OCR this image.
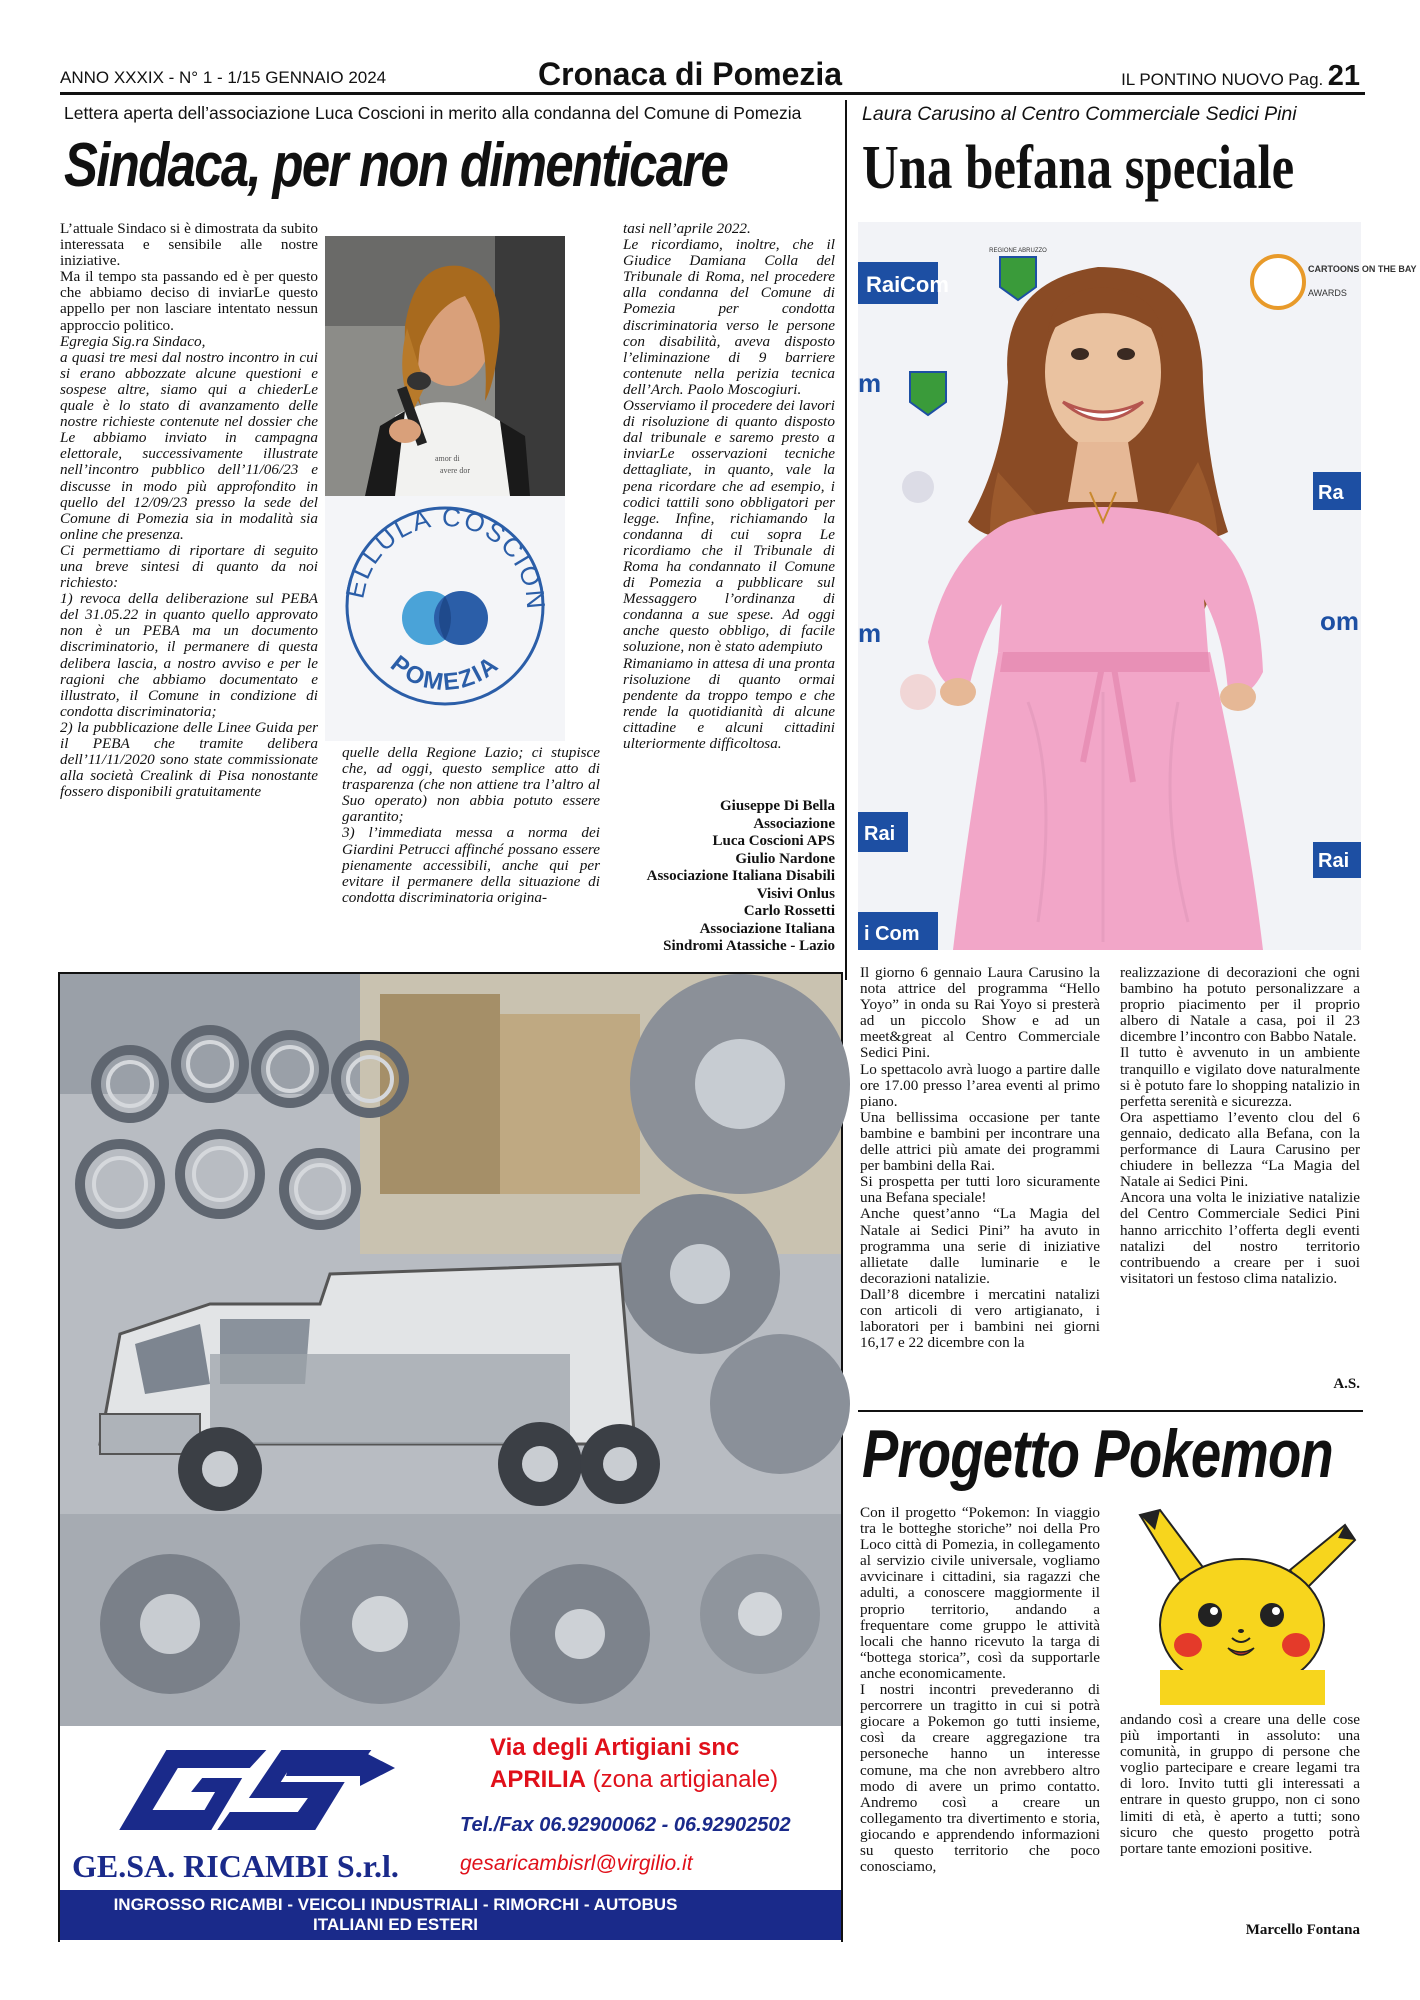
ANNO XXXIX - N° 1 - 1/15 GENNAIO 2024	Cronaca di Pomezia	IL PONTINO NUOVO Pag. 21
Lettera aperta dell’associazione Luca Coscioni in merito alla condanna del Comune di Pomezia
Sindaca, per non dimenticare

L’attuale Sindaco si è dimostrata da subito interessata e sensibile alle nostre iniziative.
Ma il tempo sta passando ed è per questo che abbiamo deciso di inviarLe questo appello per non lasciare intentato nessun approccio politico.

Egregia Sig.ra Sindaco,
a quasi tre mesi dal nostro incontro in cui si erano abbozzate alcune questioni e sospese altre, siamo qui a chiederLe quale è lo stato di avanzamento delle nostre richieste contenute nel dossier che Le abbiamo inviato in campagna elettorale, successivamente illustrate nell’incontro pubblico dell’11/06/23 e discusse in modo più approfondito in quello del 12/09/23 presso la sede del Comune di Pomezia sia in modalità sia online che presenza.
Ci permettiamo di riportare di seguito una breve sintesi di quanto da noi richiesto:
1) revoca della deliberazione sul PEBA del 31.05.22 in quanto quello approvato non è un PEBA ma un documento discriminatorio, il permanere di questa delibera lascia, a nostro avviso e per le ragioni che abbiamo documentato e illustrato, il Comune in condizione di condotta discriminatoria;
2) la pubblicazione delle Linee Guida per il PEBA che tramite delibera dell’11/11/2020 sono state commissionate alla società Crealink di Pisa nonostante fossero disponibili gratuitamente

amor di avere dor
ELLULA COSCION
POMEZIA

quelle della Regione Lazio; ci stupisce che, ad oggi, questo semplice atto di trasparenza (che non attiene tra l’altro al Suo operato) non abbia potuto essere garantito;
3) l’immediata messa a norma dei Giardini Petrucci affinché possano essere pienamente accessibili, anche qui per evitare il permanere della situazione di condotta discriminatoria origina-

tasi nell’aprile 2022.
Le ricordiamo, inoltre, che il Giudice Damiana Colla del Tribunale di Roma, nel procedere alla condanna del Comune di Pomezia per condotta discriminatoria verso le persone con disabilità, aveva disposto l’eliminazione di 9 barriere contenute nella perizia tecnica dell’Arch. Paolo Moscogiuri.
Osserviamo il procedere dei lavori di risoluzione di quanto disposto dal tribunale e saremo presto a inviarLe osservazioni tecniche dettagliate, in quanto, vale la pena ricordare che ad esempio, i codici tattili sono obbligatori per legge. Infine, richiamando la condanna di cui sopra Le ricordiamo che il Tribunale di Roma ha condannato il Comune di Pomezia a pubblicare sul Messaggero l’ordinanza di condanna a sue spese. Ad oggi anche questo obbligo, di facile soluzione, non è stato adempiuto
Rimaniamo in attesa di una pronta risoluzione di quanto ormai pendente da troppo tempo e che rende la quotidianità di alcune cittadine e alcuni cittadini ulteriormente difficoltosa.

Giuseppe Di Bella
Associazione
Luca Coscioni APS
Giulio Nardone
Associazione Italiana Disabili
Visivi Onlus
Carlo Rossetti
Associazione Italiana
Sindromi Atassiche - Lazio
Laura Carusino al Centro Commerciale Sedici Pini
Una befana speciale
Rai Com
m
m
Rai
i Com
Ra
om
Rai
REGIONE ABRUZZO
CARTOONS ON THE BAY
AWARDS

Il giorno 6 gennaio Laura Carusino la nota attrice del programma “Hello Yoyo” in onda su Rai Yoyo si presterà ad un piccolo Show e ad un meet&great al Centro Commerciale Sedici Pini.
Lo spettacolo avrà luogo a partire dalle ore 17.00 presso l’area eventi al primo piano.
Una bellissima occasione per tante bambine e bambini per incontrare una delle attrici più amate dei programmi per bambini della Rai.
Si prospetta per tutti loro sicuramente una Befana speciale!
Anche quest’anno “La Magia del Natale ai Sedici Pini” ha avuto in programma una serie di iniziative allietate dalle luminarie e le decorazioni natalizie.
Dall’8 dicembre i mercatini natalizi con articoli di vero artigianato, i laboratori per i bambini nei giorni 16,17 e 22 dicembre con la

realizzazione di decorazioni che ogni bambino ha potuto personalizzare a proprio piacimento per il proprio albero di Natale a casa, poi il 23 dicembre l’incontro con Babbo Natale.
Il tutto è avvenuto in un ambiente tranquillo e vigilato dove naturalmente si è potuto fare lo shopping natalizio in perfetta serenità e sicurezza.
Ora aspettiamo l’evento clou del 6 gennaio, dedicato alla Befana, con la performance di Laura Carusino per chiudere in bellezza “La Magia del Natale ai Sedici Pini.
Ancora una volta le iniziative natalizie del Centro Commerciale Sedici Pini hanno arricchito l’offerta degli eventi natalizi del nostro territorio contribuendo a creare per i suoi visitatori un festoso clima natalizio.

A.S.
Progetto Pokemon

Con il progetto “Pokemon: In viaggio tra le botteghe storiche” noi della Pro Loco città di Pomezia, in collegamento al servizio civile universale, vogliamo avvicinare i cittadini, sia ragazzi che adulti, a conoscere maggiormente il proprio territorio, andando a frequentare come gruppo le attività locali che hanno ricevuto la targa di “bottega storica”, così da supportarle anche economicamente.
I nostri incontri prevederanno di percorrere un tragitto in cui si potrà giocare a Pokemon go tutti insieme, così da creare aggregazione tra personeche hanno un interesse comune, ma che non avrebbero altro modo di avere un primo contatto. Andremo così a creare un collegamento tra divertimento e storia, giocando e apprendendo informazioni su questo territorio che poco conosciamo,

andando così a creare una delle cose più importanti in assoluto: una comunità, in gruppo di persone che voglio partecipare e creare legami tra di loro. Invito tutti gli interessati a entrare in questo gruppo, non ci sono limiti di età, è aperto a tutti; sono sicuro che questo progetto potrà portare tante emozioni positive.

Marcello Fontana
GS
GE.SA. RICAMBI S.r.l.
Via degli Artigiani snc
APRILIA (zona artigianale)
Tel./Fax 06.92900062 - 06.92902502
gesaricambisrl@virgilio.it
INGROSSO RICAMBI - VEICOLI INDUSTRIALI - RIMORCHI - AUTOBUS ITALIANI ED ESTERI
